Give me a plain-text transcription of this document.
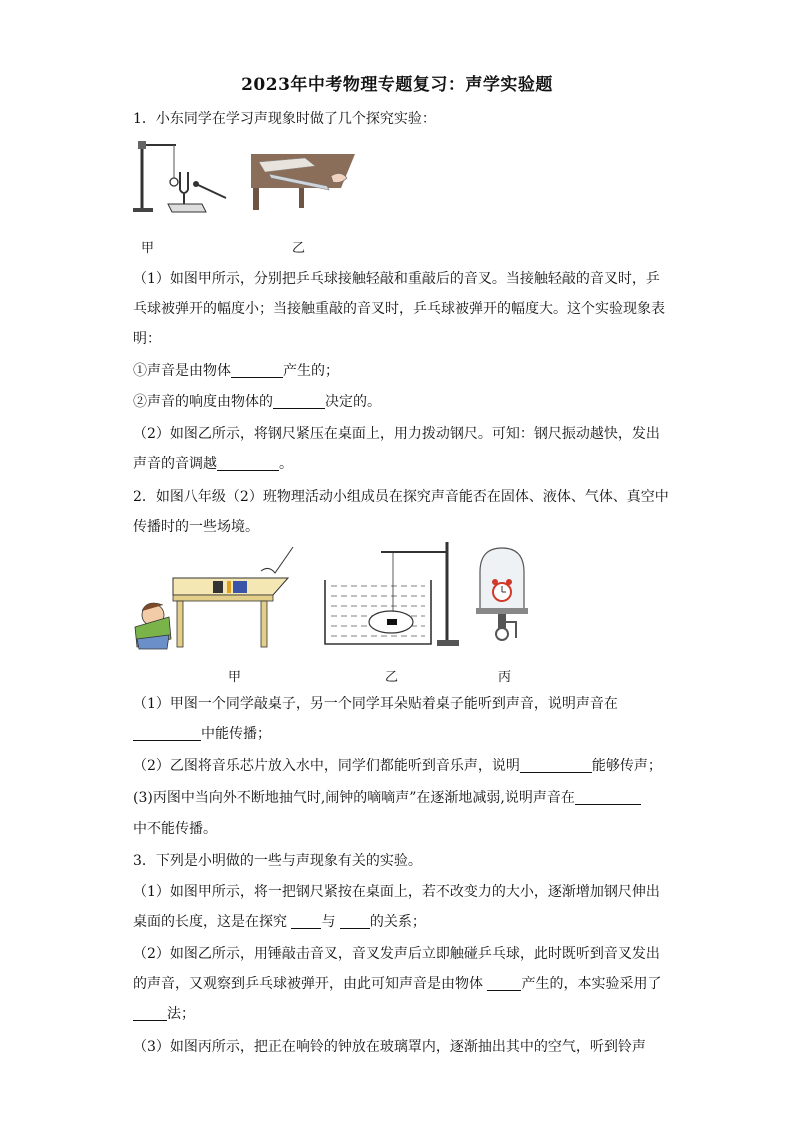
2023年中考物理专题复习：声学实验题
1．小东同学在学习声现象时做了几个探究实验：
甲	乙
（1）如图甲所示，分别把乒乓球接触轻敲和重敲后的音叉。当接触轻敲的音叉时，乒
乓球被弹开的幅度小；当接触重敲的音叉时，乒乓球被弹开的幅度大。这个实验现象表
明：
①声音是由物体	产生的；
②声音的响度由物体的	决定的。
（2）如图乙所示，将钢尺紧压在桌面上，用力拨动钢尺。可知：钢尺振动越快，发出
声音的音调越	。
2．如图八年级（2）班物理活动小组成员在探究声音能否在固体、液体、气体、真空中
传播时的一些场境。
甲	乙	丙
（1）甲图一个同学敲桌子，另一个同学耳朵贴着桌子能听到声音，说明声音在
中能传播；
（2）乙图将音乐芯片放入水中，同学们都能听到音乐声，说明	能够传声；
(3)丙图中当向外不断地抽气时,闹钟的嘀嘀声”在逐渐地减弱,说明声音在
中不能传播。
3．下列是小明做的一些与声现象有关的实验。
（1）如图甲所示，将一把钢尺紧按在桌面上，若不改变力的大小，逐渐增加钢尺伸出
桌面的长度，这是在探究 与 的关系；
（2）如图乙所示，用锤敲击音叉，音叉发声后立即触碰乒乓球，此时既听到音叉发出
的声音，又观察到乒乓球被弹开，由此可知声音是由物体	产生的，本实验采用了
法；
（3）如图丙所示，把正在响铃的钟放在玻璃罩内，逐渐抽出其中的空气，听到铃声
